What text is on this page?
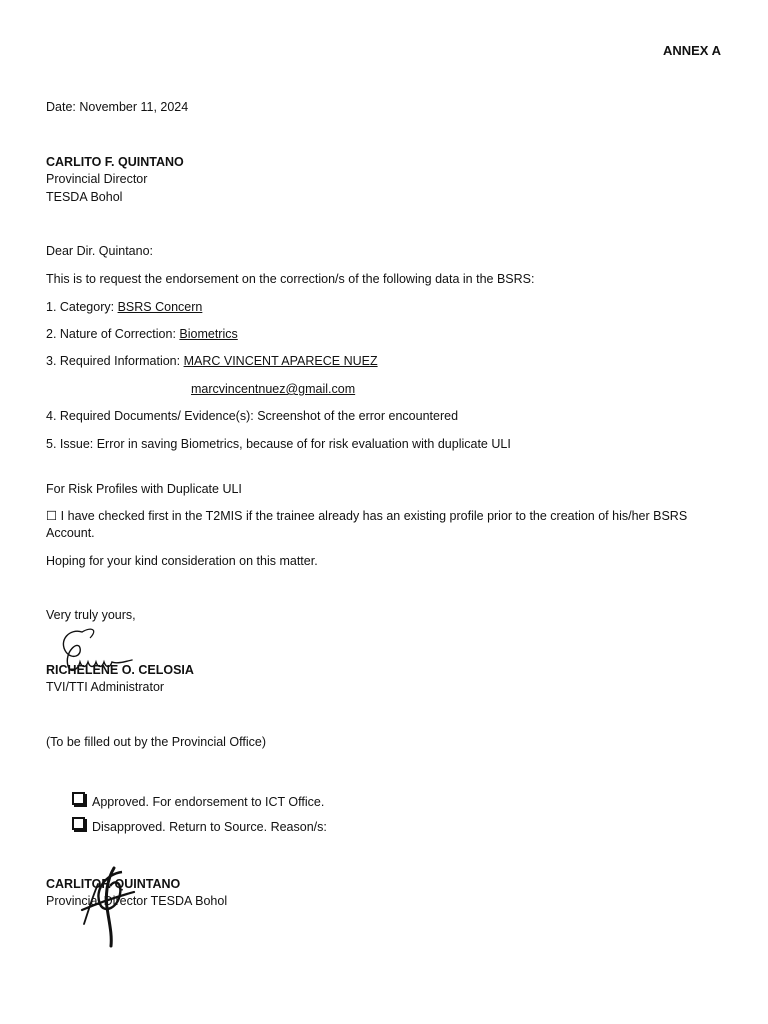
ANNEX A
Date: November 11, 2024
CARLITO F. QUINTANO
Provincial Director
TESDA Bohol
Dear Dir. Quintano:
This is to request the endorsement on the correction/s of the following data in the BSRS:
1. Category: BSRS Concern
2. Nature of Correction: Biometrics
3. Required Information: MARC VINCENT APARECE NUEZ
marcvincentnuez@gmail.com
4. Required Documents/ Evidence(s): Screenshot of the error encountered
5. Issue: Error in saving Biometrics, because of for risk evaluation with duplicate ULI
For Risk Profiles with Duplicate ULI
☐ I have checked first in the T2MIS if the trainee already has an existing profile prior to the creation of his/her BSRS
Account.
Hoping for your kind consideration on this matter.
Very truly yours,
RICHELENE O. CELOSIA
TVI/TTI Administrator
(To be filled out by the Provincial Office)
Approved. For endorsement to ICT Office.
Disapproved. Return to Source. Reason/s:
CARLITOF. QUINTANO
Provincial Director TESDA Bohol
